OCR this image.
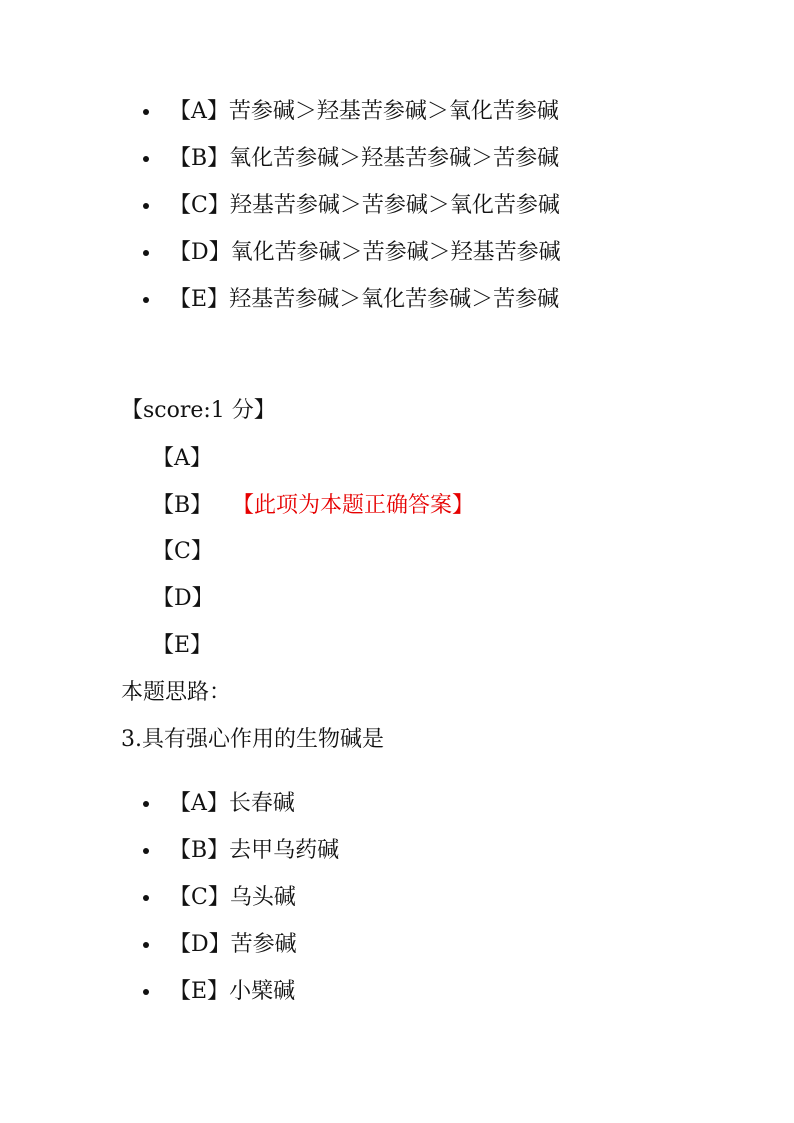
【A】 苦参碱＞羟基苦参碱＞氧化苦参碱
【B】 氧化苦参碱＞羟基苦参碱＞苦参碱
【C】 羟基苦参碱＞苦参碱＞氧化苦参碱
【D】 氧化苦参碱＞苦参碱＞羟基苦参碱
【E】 羟基苦参碱＞氧化苦参碱＞苦参碱
【score:1 分】
【A】
【B】 【此项为本题正确答案】
【C】
【D】
【E】
本题思路：
3.具有强心作用的生物碱是
【A】 长春碱
【B】 去甲乌药碱
【C】 乌头碱
【D】 苦参碱
【E】 小檗碱
